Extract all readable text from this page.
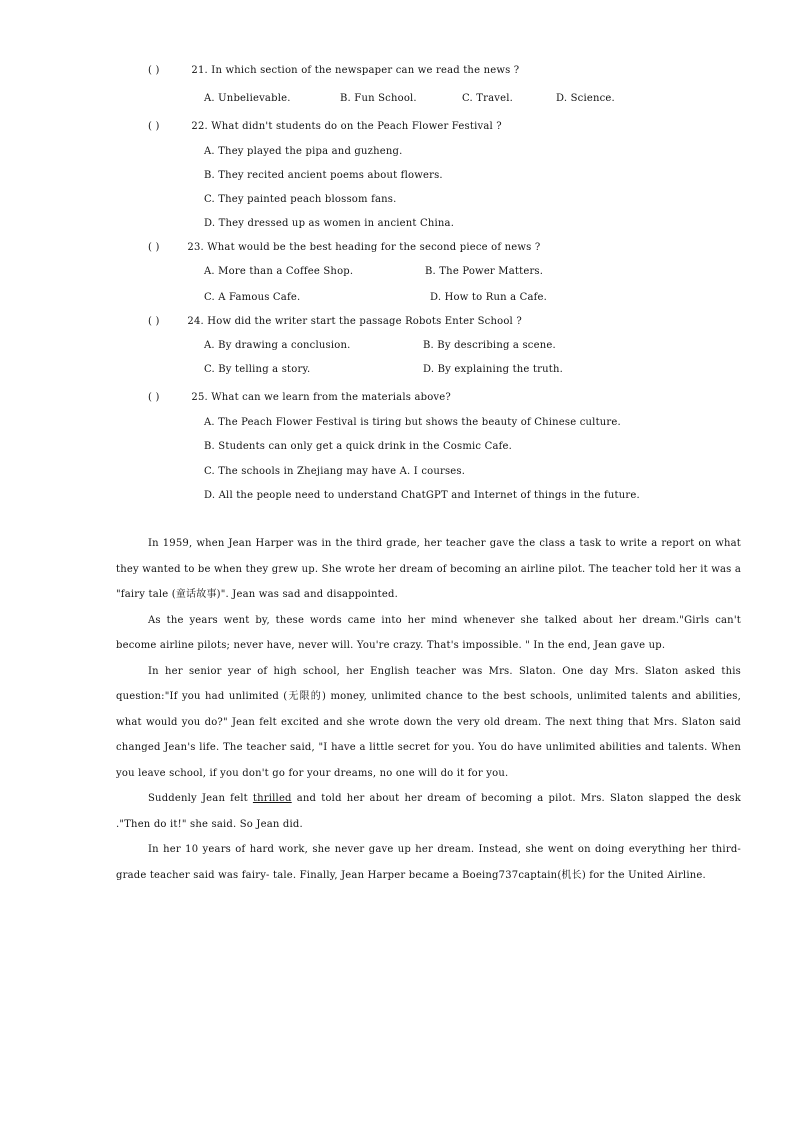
( )	21. In which section of the newspaper can we read the news ?
A. Unbelievable.	B. Fun School.	C. Travel.	D. Science.
( )	22. What didn't students do on the Peach Flower Festival ?
A. They played the pipa and guzheng.
B. They recited ancient poems about flowers.
C. They painted peach blossom fans.
D. They dressed up as women in ancient China.
( )	23. What would be the best heading for the second piece of news ?
A. More than a Coffee Shop.	B. The Power Matters.
C. A Famous Cafe.	D. How to Run a Cafe.
( )	24. How did the writer start the passage Robots Enter School ?
A. By drawing a conclusion.	B. By describing a scene.
C. By telling a story.	D. By explaining the truth.
( )	25. What can we learn from the materials above?
A. The Peach Flower Festival is tiring but shows the beauty of Chinese culture.
B. Students can only get a quick drink in the Cosmic Cafe.
C. The schools in Zhejiang may have A. I courses.
D. All the people need to understand ChatGPT and Internet of things in the future.

In 1959, when Jean Harper was in the third grade, her teacher gave the class a task to write a report on what they wanted to be when they grew up. She wrote her dream of becoming an airline pilot. The teacher told her it was a "fairy tale (童话故事)". Jean was sad and disappointed.

As the years went by, these words came into her mind whenever she talked about her dream."Girls can't become airline pilots; never have, never will. You're crazy. That's impossible. " In the end, Jean gave up.

In her senior year of high school, her English teacher was Mrs. Slaton. One day Mrs. Slaton asked this question:"If you had unlimited (无限的) money, unlimited chance to the best schools, unlimited talents and abilities, what would you do?" Jean felt excited and she wrote down the very old dream. The next thing that Mrs. Slaton said changed Jean's life. The teacher said, "I have a little secret for you. You do have unlimited abilities and talents. When you leave school, if you don't go for your dreams, no one will do it for you.

Suddenly Jean felt thrilled and told her about her dream of becoming a pilot. Mrs. Slaton slapped the desk ."Then do it!" she said. So Jean did.

In her 10 years of hard work, she never gave up her dream. Instead, she went on doing everything her third-grade teacher said was fairy- tale. Finally, Jean Harper became a Boeing737captain(机长) for the United Airline.
